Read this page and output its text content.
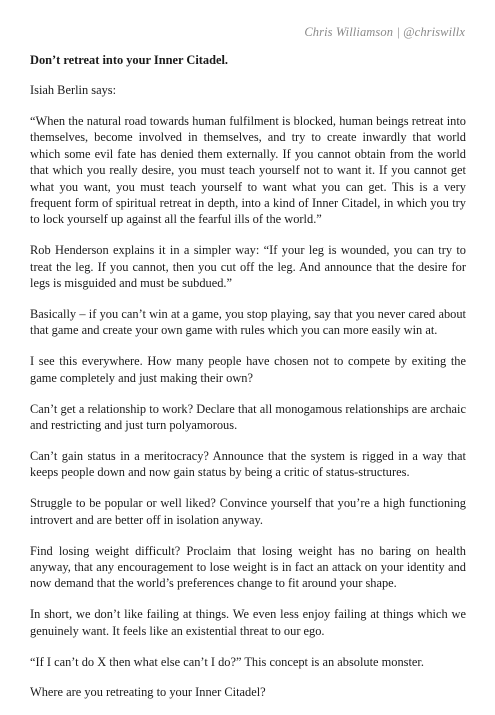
Chris Williamson | @chriswillx
Don’t retreat into your Inner Citadel.

Isiah Berlin says:

“When the natural road towards human fulfilment is blocked, human beings retreat into themselves, become involved in themselves, and try to create inwardly that world which some evil fate has denied them externally. If you cannot obtain from the world that which you really desire, you must teach yourself not to want it. If you cannot get what you want, you must teach yourself to want what you can get. This is a very frequent form of spiritual retreat in depth, into a kind of Inner Citadel, in which you try to lock yourself up against all the fearful ills of the world.”

Rob Henderson explains it in a simpler way: “If your leg is wounded, you can try to treat the leg. If you cannot, then you cut off the leg. And announce that the desire for legs is misguided and must be subdued.”

Basically – if you can’t win at a game, you stop playing, say that you never cared about that game and create your own game with rules which you can more easily win at.

I see this everywhere. How many people have chosen not to compete by exiting the game completely and just making their own?

Can’t get a relationship to work? Declare that all monogamous relationships are archaic and restricting and just turn polyamorous.

Can’t gain status in a meritocracy? Announce that the system is rigged in a way that keeps people down and now gain status by being a critic of status-structures.

Struggle to be popular or well liked? Convince yourself that you’re a high functioning introvert and are better off in isolation anyway.

Find losing weight difficult? Proclaim that losing weight has no baring on health anyway, that any encouragement to lose weight is in fact an attack on your identity and now demand that the world’s preferences change to fit around your shape.

In short, we don’t like failing at things. We even less enjoy failing at things which we genuinely want. It feels like an existential threat to our ego.

“If I can’t do X then what else can’t I do?” This concept is an absolute monster.

Where are you retreating to your Inner Citadel?
